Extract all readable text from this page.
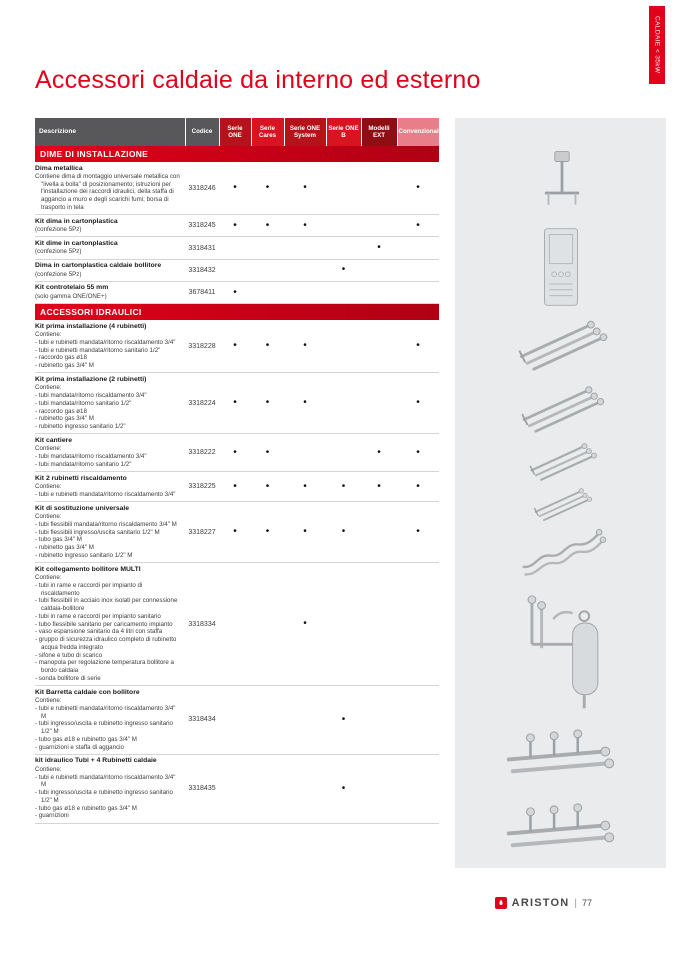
CALDAIE < 35kW
Accessori caldaie da interno ed esterno
Descrizione	Codice	Serie ONE	Serie Cares	Serie ONE System	Serie ONE B	Modelli EXT	Convenzionali
DIME DI INSTALLAZIONE							

Dima metallica
Contiene dima di montaggio universale metallica con "livella a bolla" di posizionamento; istruzioni per l'installazione dei raccordi idraulici, della staffa di aggancio a muro e degli scarichi fumi; borsa di trasporto in tela	3318246	•	•	•			•

Kit dima in cartonplastica
(confezione 5Pz)	3318245	•	•	•			•

Kit dime in cartonplastica
(confezione 5Pz)	3318431					•	

Dima in cartonplastica caldaie bollitore
(confezione 5Pz)	3318432				•		

Kit controtelaio 55 mm
(solo gamma ONE/ONE+)	3678411	•					
ACCESSORI IDRAULICI							

Kit prima installazione (4 rubinetti)
Contiene:
- tubi e rubinetti mandata/ritorno riscaldamento 3/4"
- tubi e rubinetti mandata/ritorno sanitario 1/2"
- raccordo gas ø18
- rubinetto gas 3/4" M
	3318228	•	•	•			•

Kit prima installazione (2 rubinetti)
Contiene:
- tubi mandata/ritorno riscaldamento 3/4"
- tubi mandata/ritorno sanitario 1/2"
- raccordo gas ø18
- rubinetto gas 3/4" M
- rubinetto ingresso sanitario 1/2"
	3318224	•	•	•			•

Kit cantiere
Contiene:
- tubi mandata/ritorno riscaldamento 3/4"
- tubi mandata/ritorno sanitario 1/2"	3318222	•	•			•	•

Kit 2 rubinetti riscaldamento
Contiene:
- tubi e rubinetti mandata/ritorno riscaldamento 3/4"	3318225	•	•	•	•	•	•

Kit di sostituzione universale
Contiene:
- tubi flessibili mandata/ritorno riscaldamento 3/4" M
- tubi flessibili ingresso/uscita sanitario 1/2" M
- tubo gas 3/4" M
- rubinetto gas 3/4" M
- rubinetto ingresso sanitario 1/2" M
	3318227	•	•	•	•		•

Kit collegamento bollitore MULTI
Contiene:
- tubi in rame e raccordi per impianto di riscaldamento
- tubi flessibili in acciaio inox isolati per connessione caldaia-bollitore
- tubi in rame e raccordi per impianto sanitario
- tubo flessibile sanitario per caricamento impianto
- vaso espansione sanitario da 4 litri con staffa
- gruppo di sicurezza idraulico completo di rubinetto acqua fredda integrato
- sifone e tubo di scarico
- manopola per regolazione temperatura bollitore a bordo caldaia
- sonda bollitore di serie
	3318334			•			

Kit Barretta caldaie con bollitore
Contiene:
- tubi e rubinetti mandata/ritorno riscaldamento 3/4" M
- tubi ingresso/uscita e rubinetto ingresso sanitario 1/2" M
- tubo gas ø18 e rubinetto gas 3/4" M
- guarnizioni e staffa di aggancio
	3318434				•		

kit idraulico Tubi + 4 Rubinetti caldaie
Contiene:
- tubi e rubinetti mandata/ritorno riscaldamento 3/4" M
- tubi ingresso/uscita e rubinetto ingresso sanitario 1/2" M
- tubo gas ø18 e rubinetto gas 3/4" M
- guarnizioni
	3318435				•		
ARISTON | 77
